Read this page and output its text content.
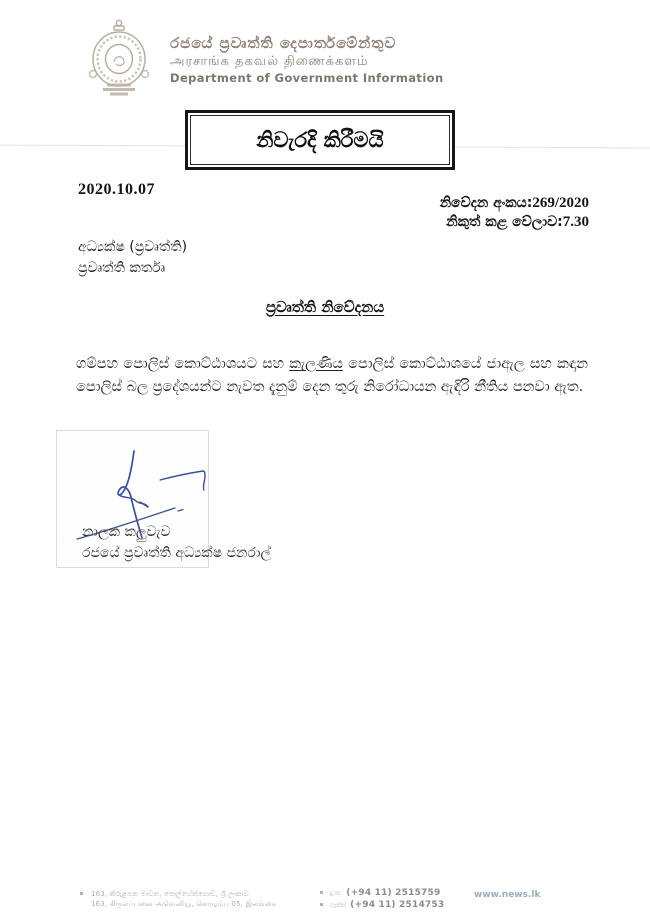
රජයේ ප්‍රවෘත්ති දෙපාර්තමේන්තුව
அரசாங்க தகவல் திணைக்களம்
Department of Government Information
නිවැරදි කිරීමයි
2020.10.07
නිවේදන අංකය:269/2020
නිකුත් කළ වේලාව:7.30
අධ්‍යක්ෂ (ප්‍රවෘත්ති)
ප්‍රවෘත්ති කර්තෘ
ප්‍රවෘත්ති නිවේදනය

ගම්පහ පොලිස් කොට්ඨාශයට සහ කැලණිය පොලිස් කොට්ඨාශයේ ජාඇල සහ කඳාන පොලිස් බල ප්‍රදේශයන්ට නැවත දැනුම් දෙන තුරු නිරෝධායන ඇඳිරි නීතිය පනවා ඇත.

නාලක කලුවැව
රජයේ ප්‍රවෘත්ති අධ්‍යක්ෂ ජනරාල්
163, කිරුළපන මාවත, පොල්හේන්ගොඩ, ශ්‍රී ලංකාව
163, கிருலப்பனை அவெனியூ, கொழும்பு 05, இலங்கை
දු.ක. (+94 11) 2515759
ෆැක්ස් (+94 11) 2514753
www.news.lk
